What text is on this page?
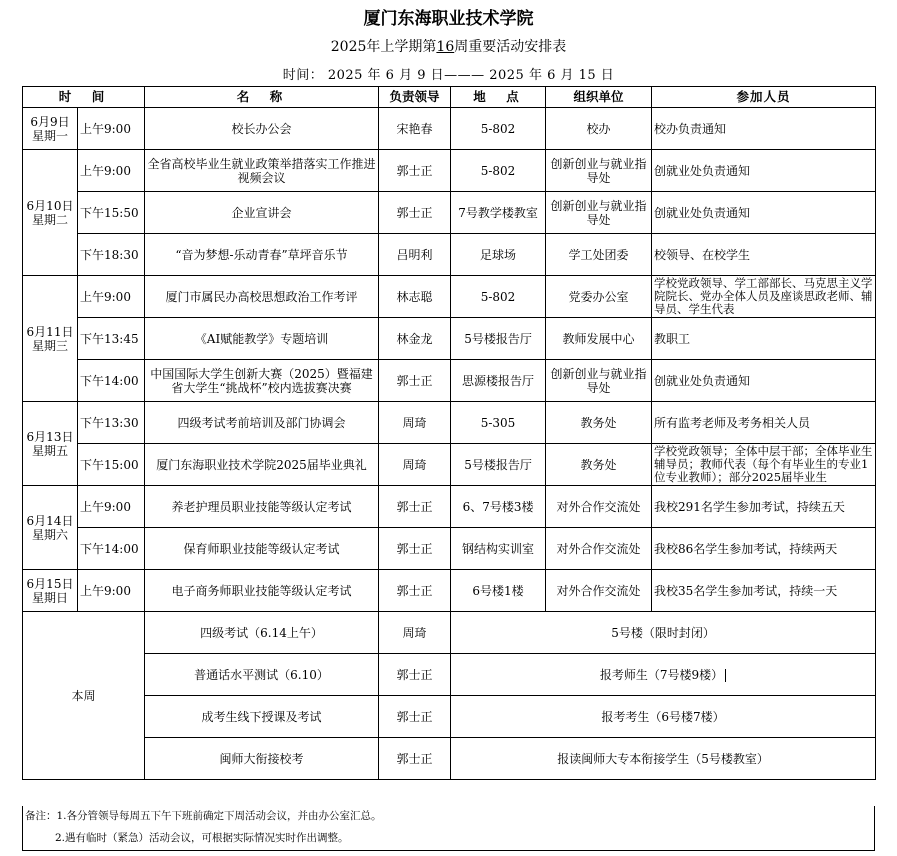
厦门东海职业技术学院
2025年上学期第16周重要活动安排表
时间： 2025 年 6 月 9 日——— 2025 年 6 月 15 日
时　间		名　称	负责领导	地　点	组织单位	参加人员
6月9日星期一	上午9:00	校长办公会	宋艳春	5-802	校办	校办负责通知
6月10日星期二	上午9:00	全省高校毕业生就业政策举措落实工作推进视频会议	郭士正	5-802	创新创业与就业指导处	创就业处负责通知
	下午15:50	企业宣讲会	郭士正	7号教学楼教室	创新创业与就业指导处	创就业处负责通知
	下午18:30	“音为梦想-乐动青春”草坪音乐节	吕明利	足球场	学工处团委	校领导、在校学生
6月11日星期三	上午9:00	厦门市属民办高校思想政治工作考评	林志聪	5-802	党委办公室	学校党政领导、学工部部长、马克思主义学院院长、党办全体人员及座谈思政老师、辅导员、学生代表
	下午13:45	《AI赋能教学》专题培训	林金龙	5号楼报告厅	教师发展中心	教职工
	下午14:00	中国国际大学生创新大赛（2025）暨福建省大学生“挑战杯”校内选拔赛决赛	郭士正	思源楼报告厅	创新创业与就业指导处	创就业处负责通知
6月13日星期五	下午13:30	四级考试考前培训及部门协调会	周琦	5-305	教务处	所有监考老师及考务相关人员
	下午15:00	厦门东海职业技术学院2025届毕业典礼	周琦	5号楼报告厅	教务处	学校党政领导；全体中层干部；全体毕业生辅导员；教师代表（每个有毕业生的专业1位专业教师）；部分2025届毕业生
6月14日星期六	上午9:00	养老护理员职业技能等级认定考试	郭士正	6、7号楼3楼	对外合作交流处	我校291名学生参加考试，持续五天
	下午14:00	保育师职业技能等级认定考试	郭士正	钢结构实训室	对外合作交流处	我校86名学生参加考试，持续两天
6月15日星期日	上午9:00	电子商务师职业技能等级认定考试	郭士正	6号楼1楼	对外合作交流处	我校35名学生参加考试，持续一天
本周		四级考试（6.14上午）	周琦	5号楼（限时封闭）		
		普通话水平测试（6.10）	郭士正	报考师生（7号楼9楼）		
		成考生线下授课及考试	郭士正	报考考生（6号楼7楼）		
		闽师大衔接校考	郭士正	报读闽师大专本衔接学生（5号楼教室）		
备注：1.各分管领导每周五下午下班前确定下周活动会议，并由办公室汇总。
2.遇有临时（紧急）活动会议，可根据实际情况实时作出调整。
